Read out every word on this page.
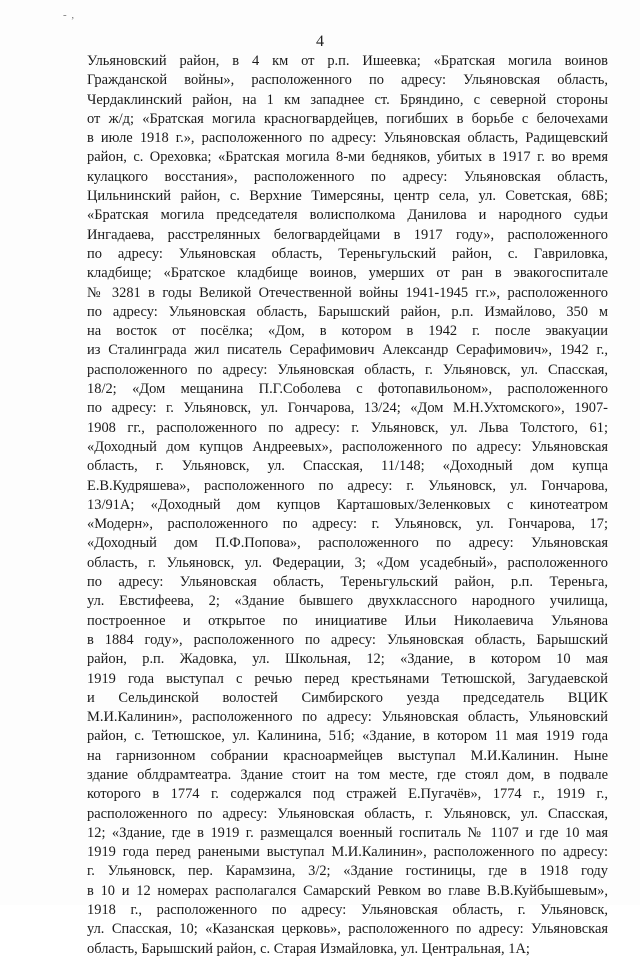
- ,
4
Ульяновский район, в 4 км от р.п. Ишеевка; «Братская могила воинов
Гражданской войны», расположенного по адресу: Ульяновская область,
Чердаклинский район, на 1 км западнее ст. Бряндино, с северной стороны
от ж/д; «Братская могила красногвардейцев, погибших в борьбе с белочехами
в июле 1918 г.», расположенного по адресу: Ульяновская область, Радищевский
район, с. Ореховка; «Братская могила 8-ми бедняков, убитых в 1917 г. во время
кулацкого восстания», расположенного по адресу: Ульяновская область,
Цильнинский район, с. Верхние Тимерсяны, центр села, ул. Советская, 68Б;
«Братская могила председателя волисполкома Данилова и народного судьи
Ингадаева, расстрелянных белогвардейцами в 1917 году», расположенного
по адресу: Ульяновская область, Тереньгульский район, с. Гавриловка,
кладбище; «Братское кладбище воинов, умерших от ран в эвакогоспитале
№ 3281 в годы Великой Отечественной войны 1941-1945 гг.», расположенного
по адресу: Ульяновская область, Барышский район, р.п. Измайлово, 350 м
на восток от посёлка; «Дом, в котором в 1942 г. после эвакуации
из Сталинграда жил писатель Серафимович Александр Серафимович», 1942 г.,
расположенного по адресу: Ульяновская область, г. Ульяновск, ул. Спасская,
18/2; «Дом мещанина П.Г.Соболева с фотопавильоном», расположенного
по адресу: г. Ульяновск, ул. Гончарова, 13/24; «Дом М.Н.Ухтомского», 1907-
1908 гг., расположенного по адресу: г. Ульяновск, ул. Льва Толстого, 61;
«Доходный дом купцов Андреевых», расположенного по адресу: Ульяновская
область, г. Ульяновск, ул. Спасская, 11/148; «Доходный дом купца
Е.В.Кудряшева», расположенного по адресу: г. Ульяновск, ул. Гончарова,
13/91А; «Доходный дом купцов Карташовых/Зеленковых с кинотеатром
«Модерн», расположенного по адресу: г. Ульяновск, ул. Гончарова, 17;
«Доходный дом П.Ф.Попова», расположенного по адресу: Ульяновская
область, г. Ульяновск, ул. Федерации, 3; «Дом усадебный», расположенного
по адресу: Ульяновская область, Тереньгульский район, р.п. Тереньга,
ул. Евстифеева, 2; «Здание бывшего двухклассного народного училища,
построенное и открытое по инициативе Ильи Николаевича Ульянова
в 1884 году», расположенного по адресу: Ульяновская область, Барышский
район, р.п. Жадовка, ул. Школьная, 12; «Здание, в котором 10 мая
1919 года выступал с речью перед крестьянами Тетюшской, Загудаевской
и Сельдинской волостей Симбирского уезда председатель ВЦИК
М.И.Калинин», расположенного по адресу: Ульяновская область, Ульяновский
район, с. Тетюшское, ул. Калинина, 51б; «Здание, в котором 11 мая 1919 года
на гарнизонном собрании красноармейцев выступал М.И.Калинин. Ныне
здание облдрамтеатра. Здание стоит на том месте, где стоял дом, в подвале
которого в 1774 г. содержался под стражей Е.Пугачёв», 1774 г., 1919 г.,
расположенного по адресу: Ульяновская область, г. Ульяновск, ул. Спасская,
12; «Здание, где в 1919 г. размещался военный госпиталь № 1107 и где 10 мая
1919 года перед ранеными выступал М.И.Калинин», расположенного по адресу:
г. Ульяновск, пер. Карамзина, 3/2; «Здание гостиницы, где в 1918 году
в 10 и 12 номерах располагался Самарский Ревком во главе В.В.Куйбышевым»,
1918 г., расположенного по адресу: Ульяновская область, г. Ульяновск,
ул. Спасская, 10; «Казанская церковь», расположенного по адресу: Ульяновская
область, Барышский район, с. Старая Измайловка, ул. Центральная, 1А;
